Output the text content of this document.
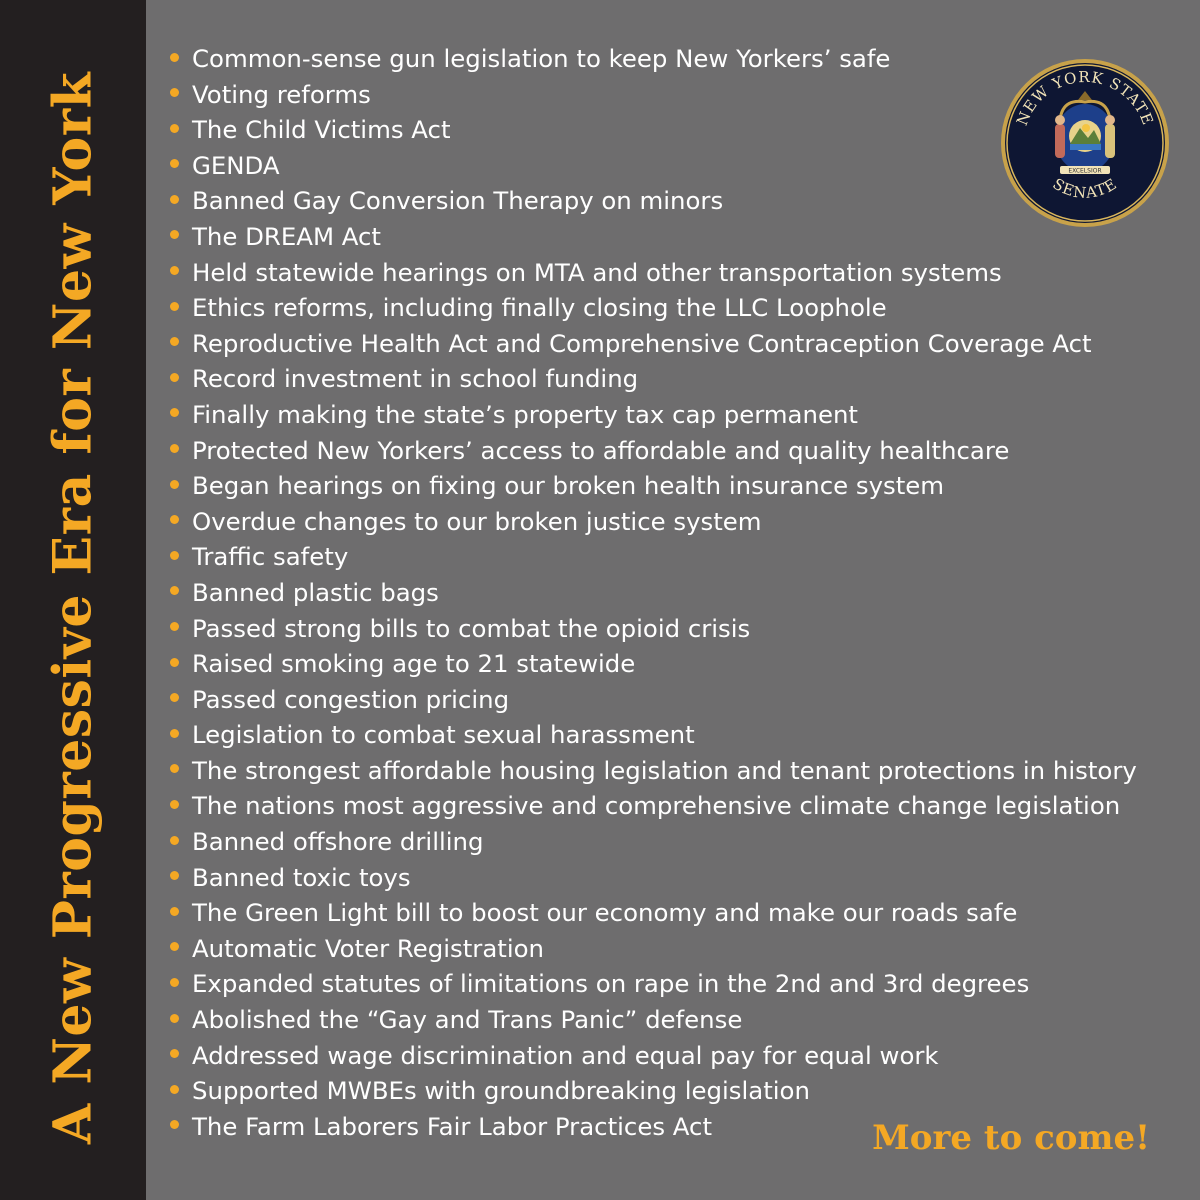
A New Progressive Era for New York
Common-sense gun legislation to keep New Yorkers’ safe
Voting reforms
The Child Victims Act
GENDA
Banned Gay Conversion Therapy on minors
The DREAM Act
Held statewide hearings on MTA and other transportation systems
Ethics reforms, including finally closing the LLC Loophole
Reproductive Health Act and Comprehensive Contraception Coverage Act
Record investment in school funding
Finally making the state’s property tax cap permanent
Protected New Yorkers’ access to affordable and quality healthcare
Began hearings on fixing our broken health insurance system
Overdue changes to our broken justice system
Traffic safety
Banned plastic bags
Passed strong bills to combat the opioid crisis
Raised smoking age to 21 statewide
Passed congestion pricing
Legislation to combat sexual harassment
The strongest affordable housing legislation and tenant protections in history
The nations most aggressive and comprehensive climate change legislation
Banned offshore drilling
Banned toxic toys
The Green Light bill to boost our economy and make our roads safe
Automatic Voter Registration
Expanded statutes of limitations on rape in the 2nd and 3rd degrees
Abolished the “Gay and Trans Panic” defense
Addressed wage discrimination and equal pay for equal work
Supported MWBEs with groundbreaking legislation
The Farm Laborers Fair Labor Practices Act	More to come!
NEW YORK STATE
SENATE
EXCELSIOR
